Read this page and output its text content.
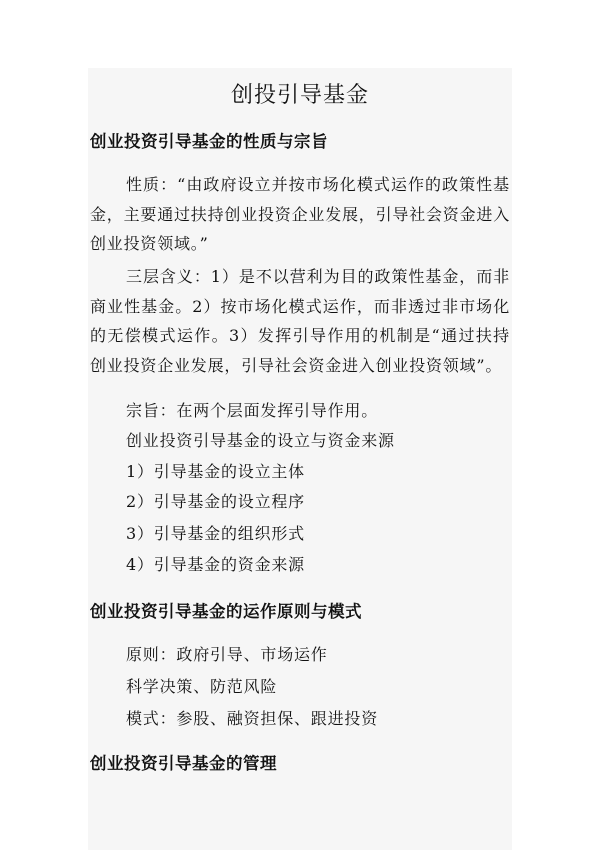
创投引导基金
创业投资引导基金的性质与宗旨

性质：“由政府设立并按市场化模式运作的政策性基金，主要通过扶持创业投资企业发展，引导社会资金进入创业投资领域。”

三层含义：1）是不以营利为目的政策性基金，而非商业性基金。2）按市场化模式运作，而非透过非市场化的无偿模式运作。3）发挥引导作用的机制是“通过扶持创业投资企业发展，引导社会资金进入创业投资领域”。

宗旨：在两个层面发挥引导作用。

创业投资引导基金的设立与资金来源

1）引导基金的设立主体

2）引导基金的设立程序

3）引导基金的组织形式

4）引导基金的资金来源

创业投资引导基金的运作原则与模式

原则：政府引导、市场运作

科学决策、防范风险

模式：参股、融资担保、跟进投资

创业投资引导基金的管理
